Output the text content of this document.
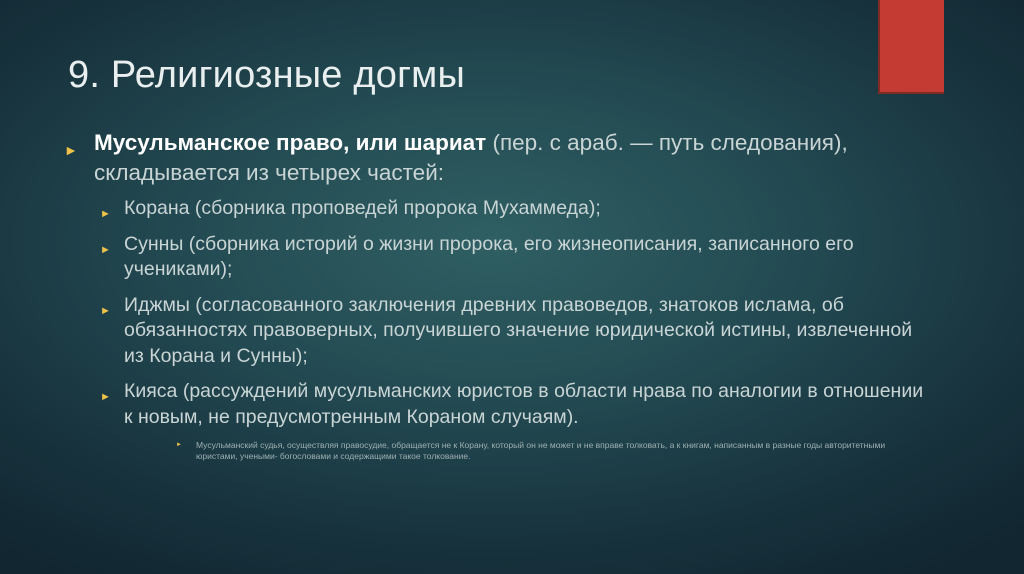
9. Религиозные догмы
► Мусульманское право, или шариат (пер. с араб. — путь следования), складывается из четырех частей:
► Корана (сборника проповедей пророка Мухаммеда);
► Сунны (сборника историй о жизни пророка, его жизнеописания, записанного его учениками);
► Иджмы (согласованного заключения древних правоведов, знатоков ислама, об обязанностях правоверных, получившего значение юридической истины, извлеченной из Корана и Сунны);
► Кияса (рассуждений мусульманских юристов в области нрава по аналогии в отношении к новым, не предусмотренным Кораном случаям).
► Мусульманский судья, осуществляя правосудие, обращается не к Корану, который он не может и не вправе толковать, а к книгам, написанным в разные годы авторитетными юристами, учеными- богословами и содержащими такое толкование.
